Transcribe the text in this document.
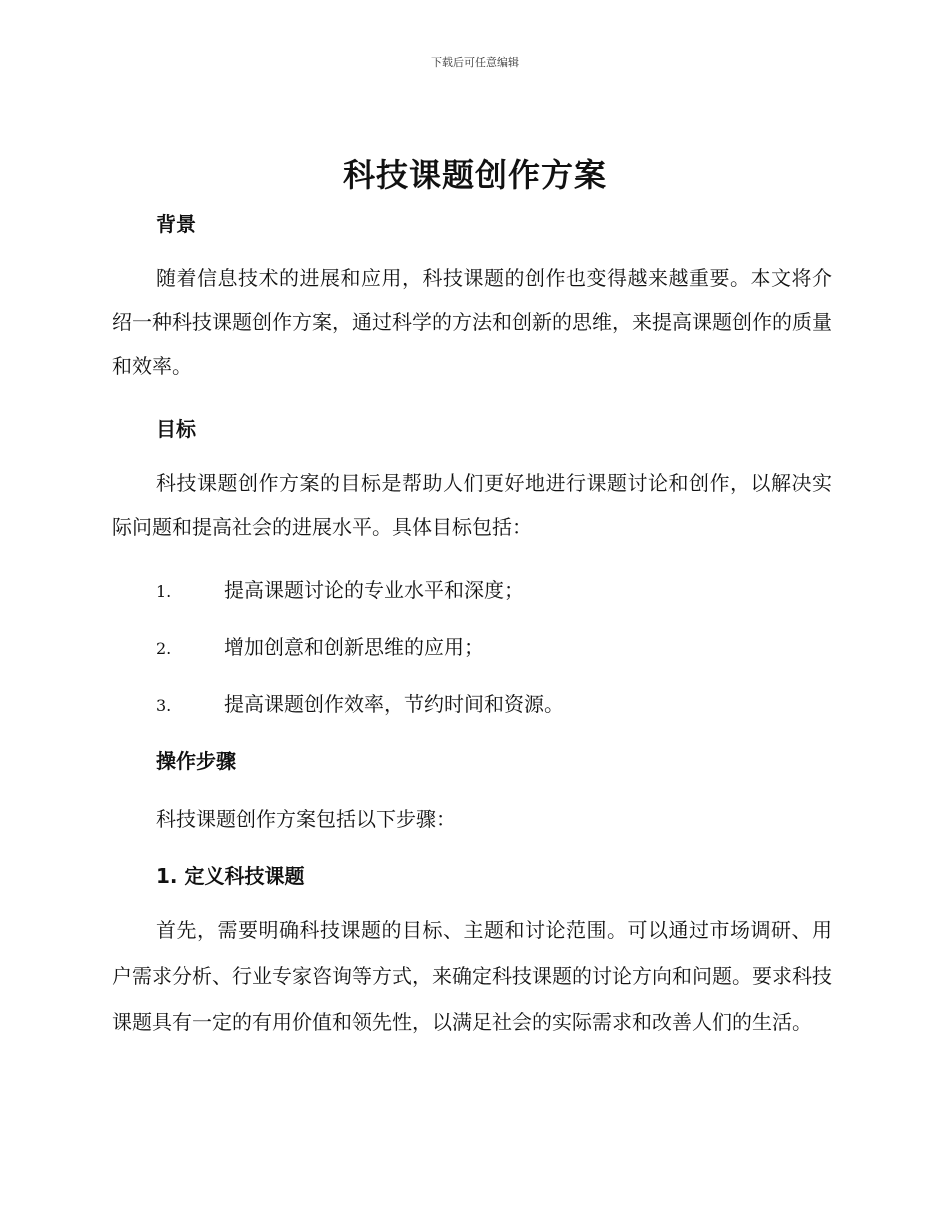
下载后可任意编辑
科技课题创作方案
背景

随着信息技术的进展和应用，科技课题的创作也变得越来越重要。本文将介绍一种科技课题创作方案，通过科学的方法和创新的思维，来提高课题创作的质量和效率。

目标

科技课题创作方案的目标是帮助人们更好地进行课题讨论和创作，以解决实际问题和提高社会的进展水平。具体目标包括：

1.	提高课题讨论的专业水平和深度；
2.	增加创意和创新思维的应用；
3.	提高课题创作效率，节约时间和资源。
操作步骤

科技课题创作方案包括以下步骤：

1. 定义科技课题

首先，需要明确科技课题的目标、主题和讨论范围。可以通过市场调研、用户需求分析、行业专家咨询等方式，来确定科技课题的讨论方向和问题。要求科技课题具有一定的有用价值和领先性，以满足社会的实际需求和改善人们的生活。
